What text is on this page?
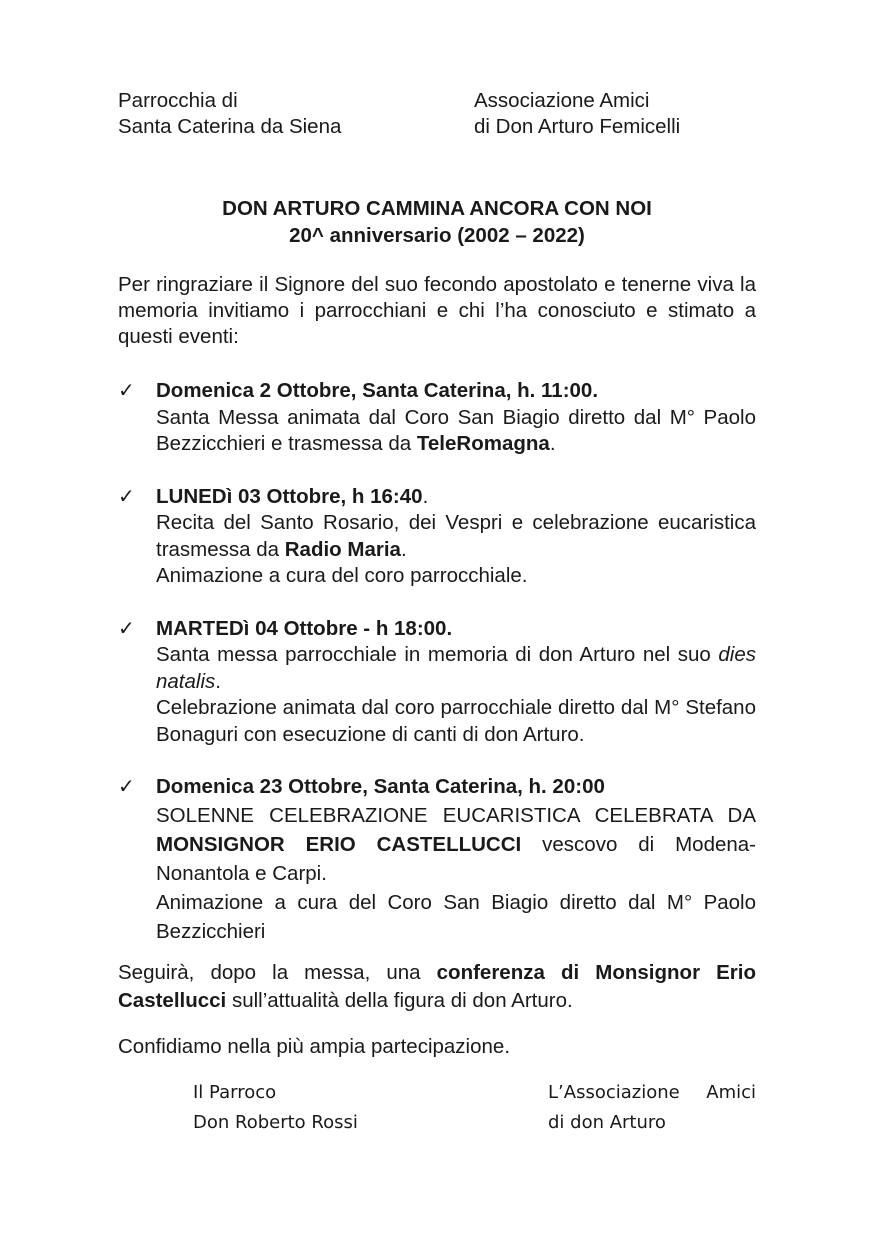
Parrocchia di
Santa Caterina da Siena
Associazione Amici
di Don Arturo Femicelli
DON ARTURO CAMMINA ANCORA CON NOI
20^ anniversario (2002 – 2022)
Per ringraziare il Signore del suo fecondo apostolato e tenerne viva la memoria invitiamo i parrocchiani e chi l’ha conosciuto e stimato a questi eventi:
✓ Domenica 2 Ottobre, Santa Caterina, h. 11:00.
Santa Messa animata dal Coro San Biagio diretto dal M° Paolo Bezzicchieri e trasmessa da TeleRomagna.
✓ LUNEDì 03 Ottobre, h 16:40.
Recita del Santo Rosario, dei Vespri e celebrazione eucaristica trasmessa da Radio Maria.
Animazione a cura del coro parrocchiale.
✓ MARTEDì 04 Ottobre - h 18:00.
Santa messa parrocchiale in memoria di don Arturo nel suo dies natalis.
Celebrazione animata dal coro parrocchiale diretto dal M° Stefano Bonaguri con esecuzione di canti di don Arturo.
✓ Domenica 23 Ottobre, Santa Caterina, h. 20:00
SOLENNE CELEBRAZIONE EUCARISTICA CELEBRATA DA MONSIGNOR ERIO CASTELLUCCI vescovo di Modena-Nonantola e Carpi.
Animazione a cura del Coro San Biagio diretto dal M° Paolo Bezzicchieri
Seguirà, dopo la messa, una conferenza di Monsignor Erio Castellucci sull’attualità della figura di don Arturo.
Confidiamo nella più ampia partecipazione.
Il Parroco
Don Roberto Rossi
L’Associazione Amici
di don Arturo
